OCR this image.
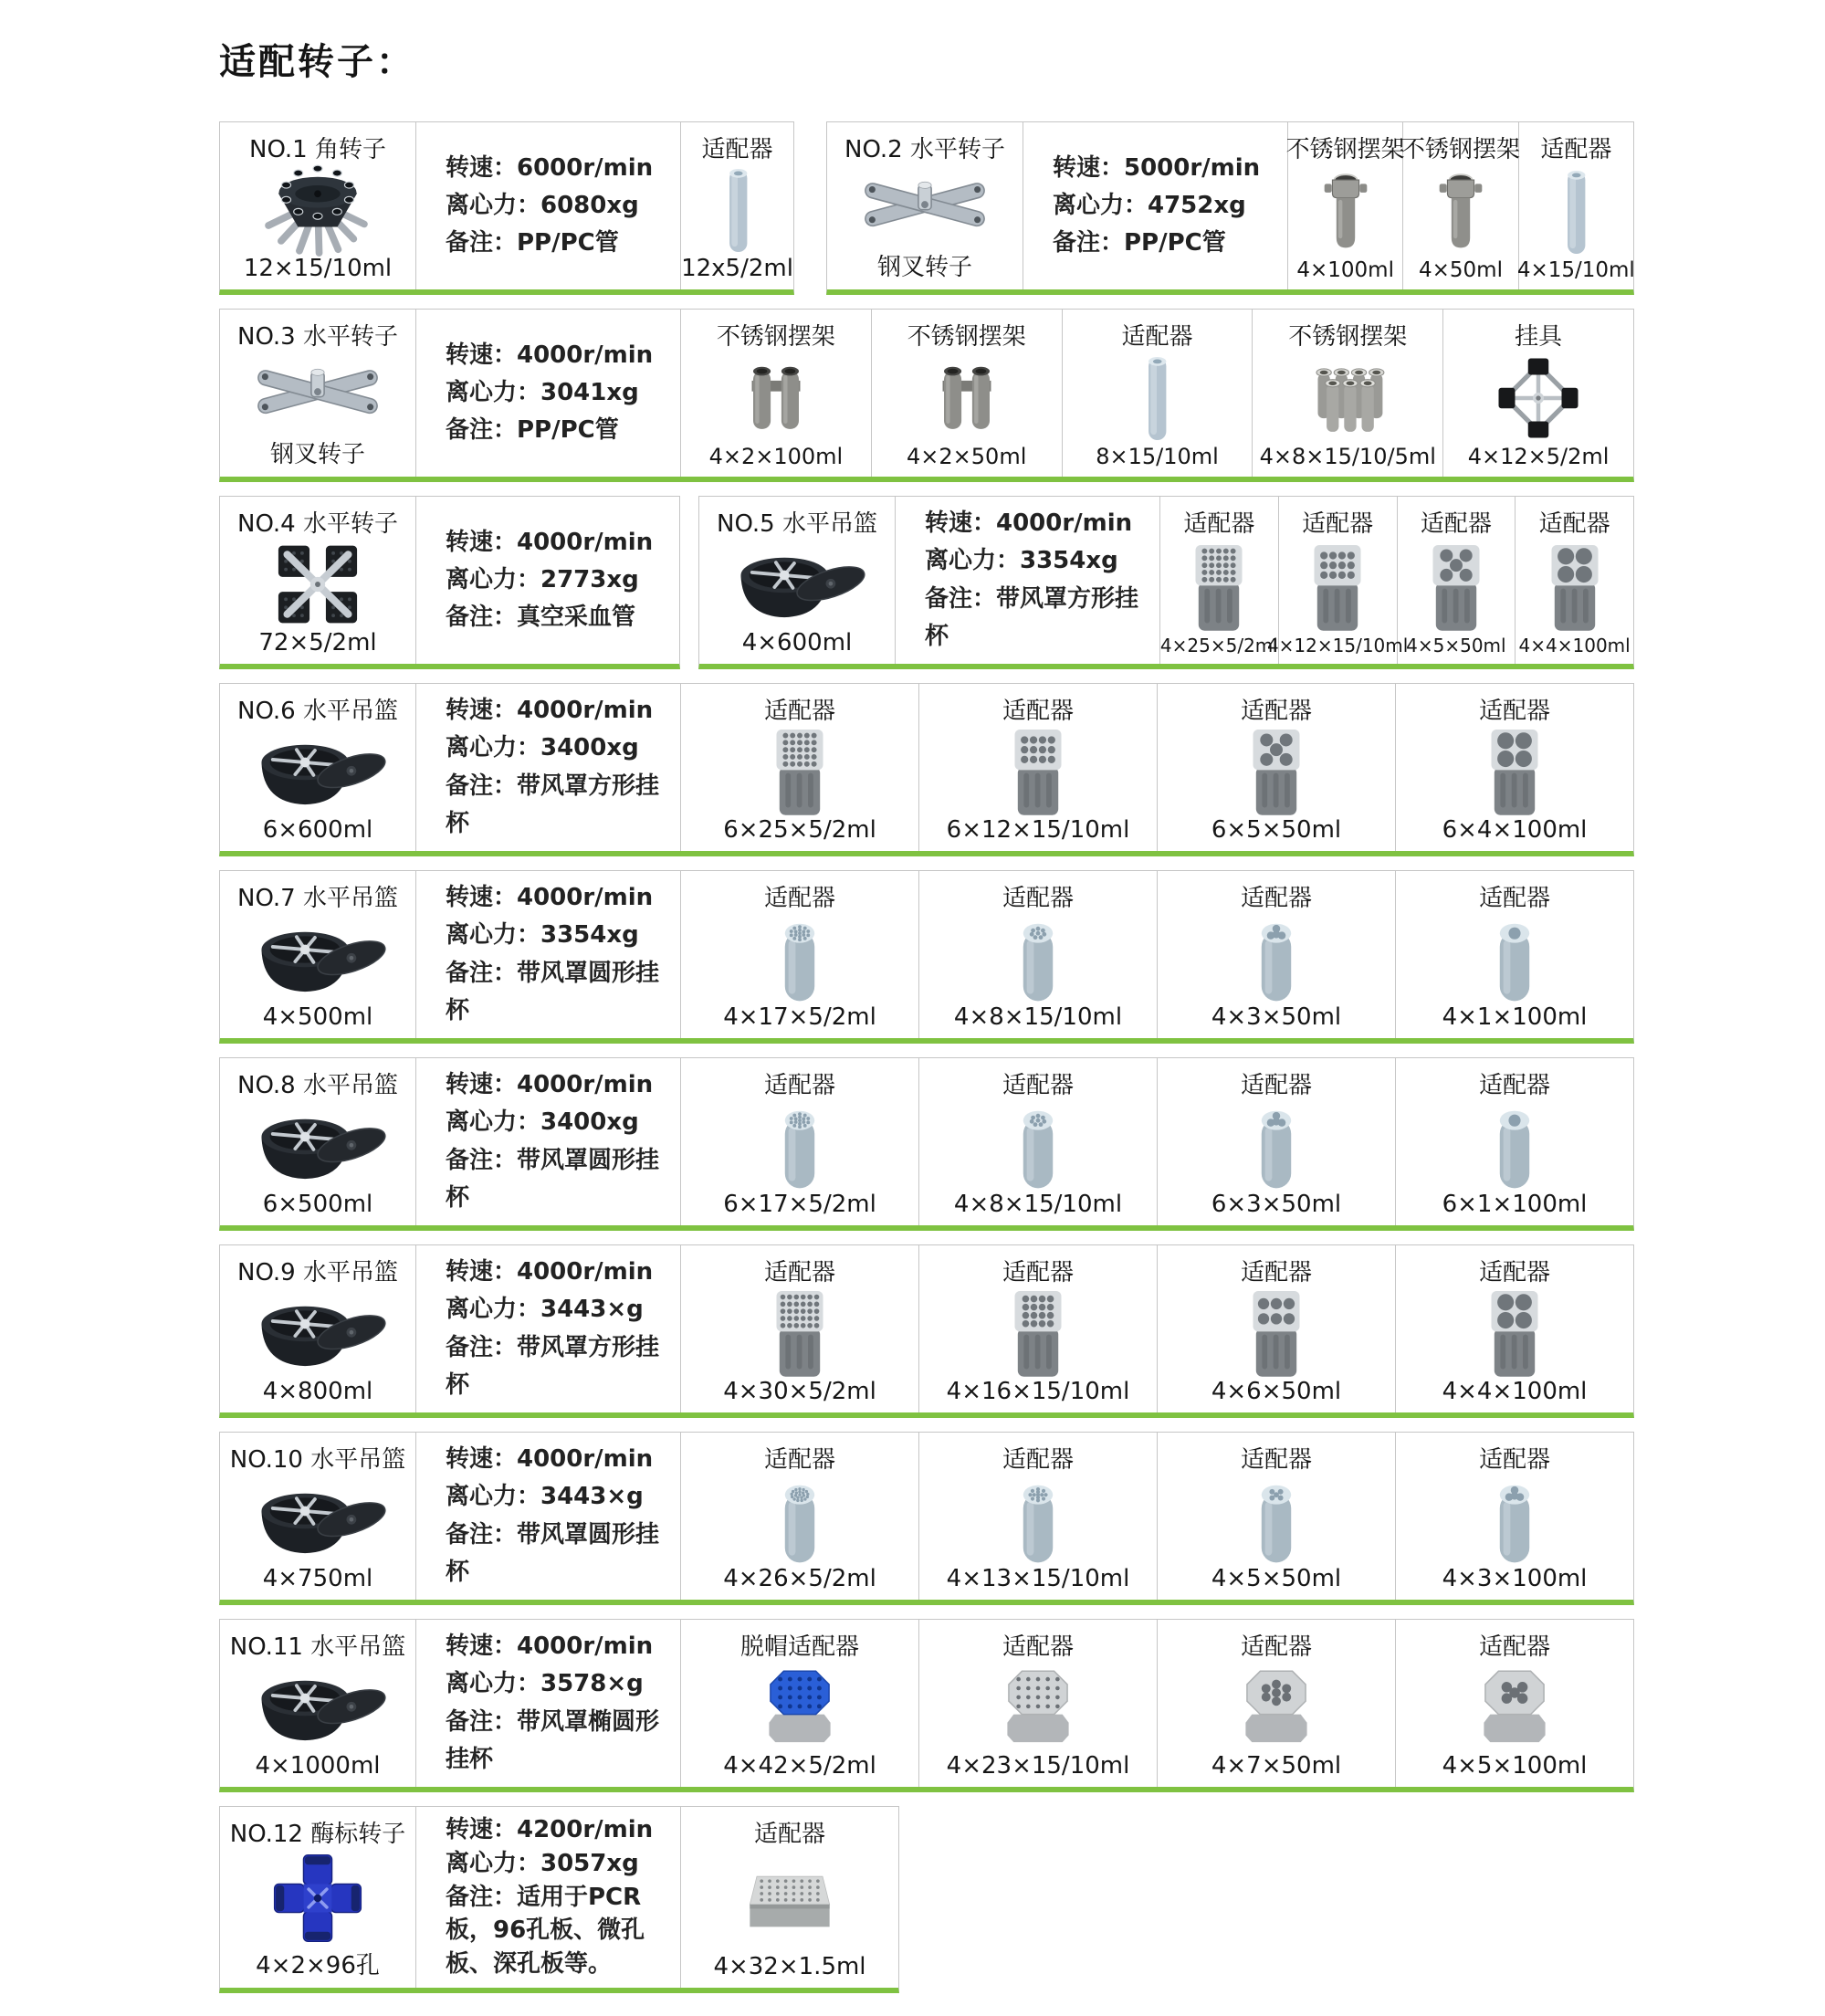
适配转子：
NO.1 角转子
12×15/10ml
转速：6000r/min
离心力：6080xg
备注：PP/PC管
适配器
12x5/2ml
NO.2 水平转子
钢叉转子
转速：5000r/min
离心力：4752xg
备注：PP/PC管
不锈钢摆架
4×100ml
不锈钢摆架
4×50ml
适配器
4×15/10ml
NO.3 水平转子
钢叉转子
转速：4000r/min
离心力：3041xg
备注：PP/PC管
不锈钢摆架
4×2×100ml
不锈钢摆架
4×2×50ml
适配器
8×15/10ml
不锈钢摆架
4×8×15/10/5ml
挂具
4×12×5/2ml
NO.4 水平转子
72×5/2ml
转速：4000r/min
离心力：2773xg
备注：真空采血管
NO.5 水平吊篮
4×600ml
转速：4000r/min
离心力：3354xg
备注：带风罩方形挂杯
适配器
4×25×5/2ml
适配器
4×12×15/10ml
适配器
4×5×50ml
适配器
4×4×100ml
NO.6 水平吊篮
6×600ml
转速：4000r/min
离心力：3400xg
备注：带风罩方形挂杯
适配器
6×25×5/2ml
适配器
6×12×15/10ml
适配器
6×5×50ml
适配器
6×4×100ml
NO.7 水平吊篮
4×500ml
转速：4000r/min
离心力：3354xg
备注：带风罩圆形挂杯
适配器
4×17×5/2ml
适配器
4×8×15/10ml
适配器
4×3×50ml
适配器
4×1×100ml
NO.8 水平吊篮
6×500ml
转速：4000r/min
离心力：3400xg
备注：带风罩圆形挂杯
适配器
6×17×5/2ml
适配器
4×8×15/10ml
适配器
6×3×50ml
适配器
6×1×100ml
NO.9 水平吊篮
4×800ml
转速：4000r/min
离心力：3443×g
备注：带风罩方形挂杯
适配器
4×30×5/2ml
适配器
4×16×15/10ml
适配器
4×6×50ml
适配器
4×4×100ml
NO.10 水平吊篮
4×750ml
转速：4000r/min
离心力：3443×g
备注：带风罩圆形挂杯
适配器
4×26×5/2ml
适配器
4×13×15/10ml
适配器
4×5×50ml
适配器
4×3×100ml
NO.11 水平吊篮
4×1000ml
转速：4000r/min
离心力：3578×g
备注：带风罩椭圆形挂杯
脱帽适配器
4×42×5/2ml
适配器
4×23×15/10ml
适配器
4×7×50ml
适配器
4×5×100ml
NO.12 酶标转子
4×2×96孔
转速：4200r/min
离心力：3057xg
备注：适用于PCR板，96孔板、微孔板、深孔板等。
适配器
4×32×1.5ml
